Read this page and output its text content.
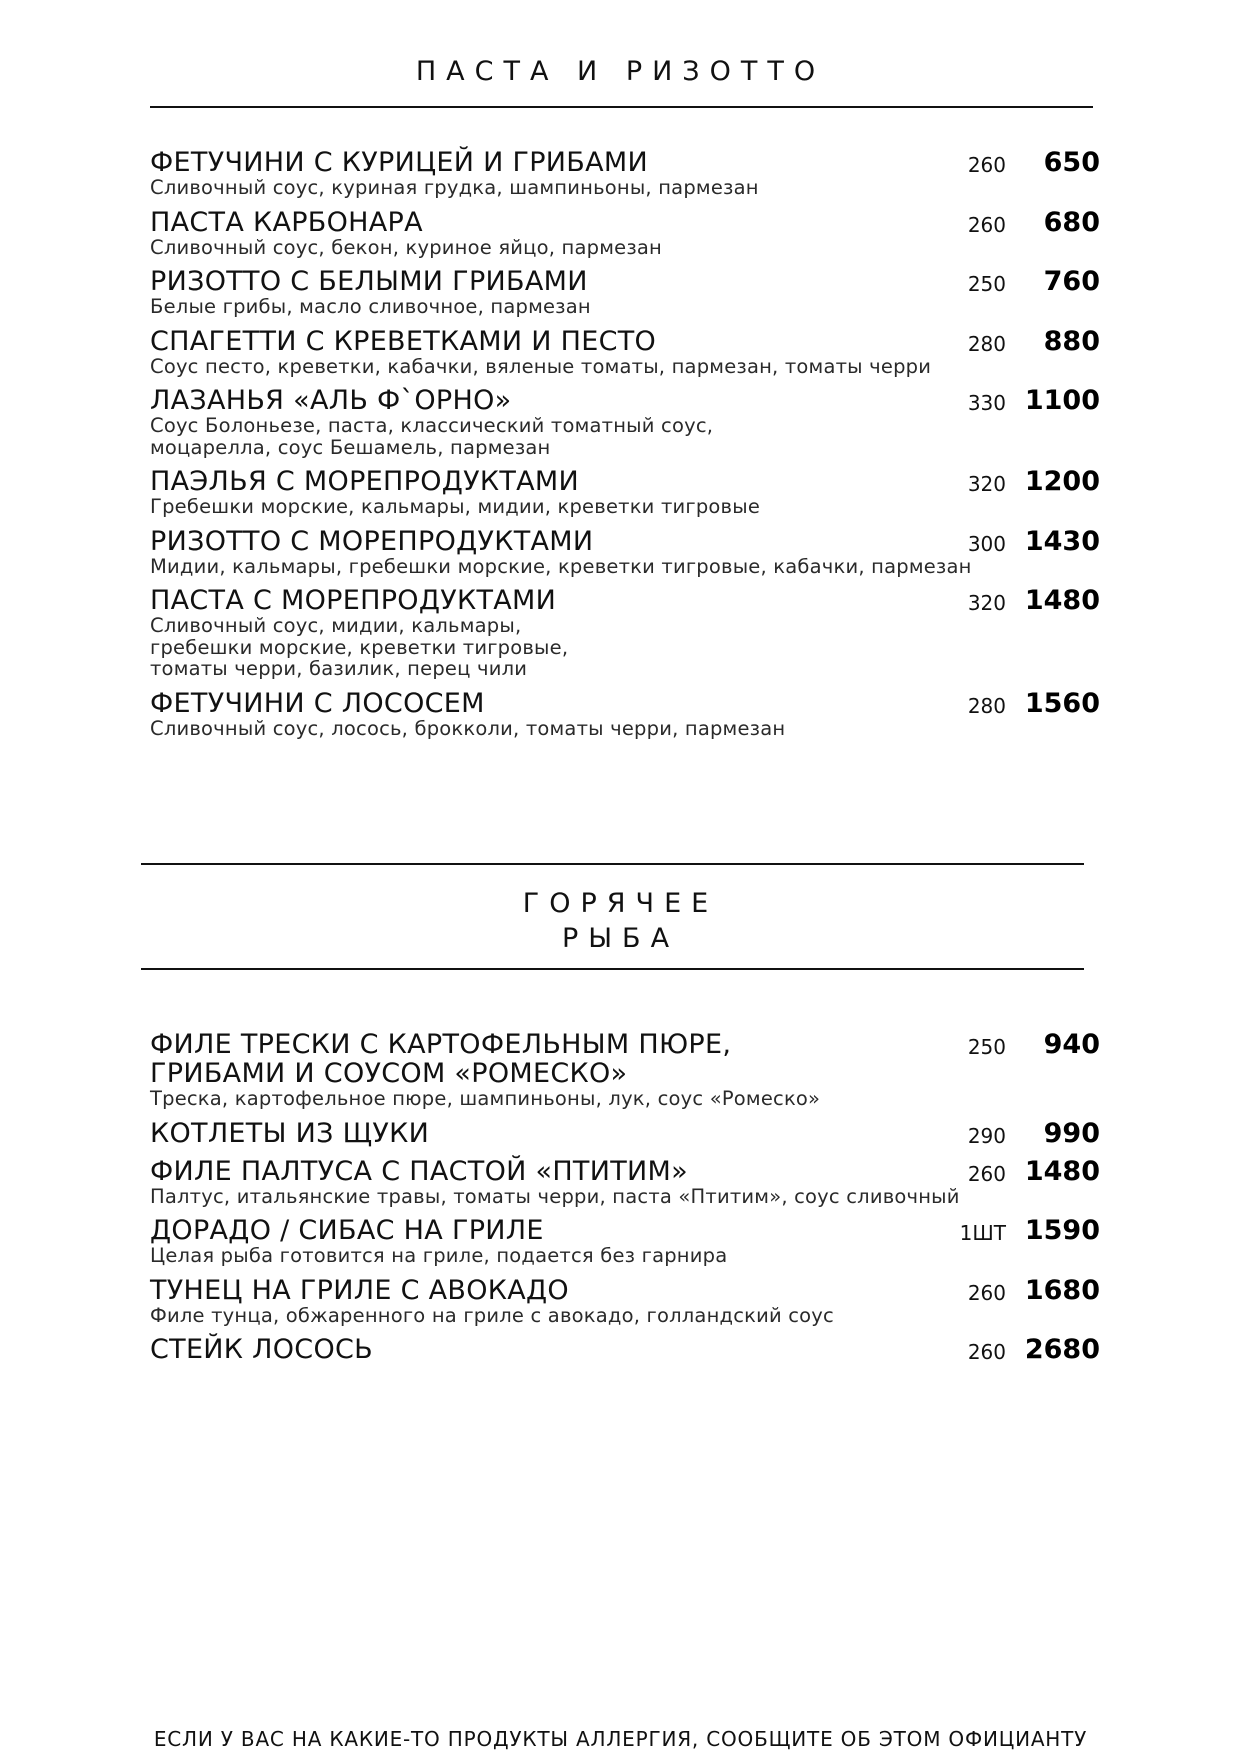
ПАСТА И РИЗОТТО
ФЕТУЧИНИ С КУРИЦЕЙ И ГРИБАМИ
Сливочный соус, куриная грудка, шампиньоны, пармезан
260	650
ПАСТА КАРБОНАРА
Сливочный соус, бекон, куриное яйцо, пармезан
260	680
РИЗОТТО С БЕЛЫМИ ГРИБАМИ
Белые грибы, масло сливочное, пармезан
250	760
СПАГЕТТИ С КРЕВЕТКАМИ И ПЕСТО
Соус песто, креветки, кабачки, вяленые томаты, пармезан, томаты черри
280	880
ЛАЗАНЬЯ «АЛЬ Ф`ОРНО»
Соус Болоньезе, паста, классический томатный соус,
моцарелла, соус Бешамель, пармезан
330 1100
ПАЭЛЬЯ С МОРЕПРОДУКТАМИ
Гребешки морские, кальмары, мидии, креветки тигровые
320 1200
РИЗОТТО С МОРЕПРОДУКТАМИ
Мидии, кальмары, гребешки морские, креветки тигровые, кабачки, пармезан
300 1430
ПАСТА С МОРЕПРОДУКТАМИ
Сливочный соус, мидии, кальмары,
гребешки морские, креветки тигровые,
томаты черри, базилик, перец чили
320 1480
ФЕТУЧИНИ С ЛОСОСЕМ
Сливочный соус, лосось, брокколи, томаты черри, пармезан
280 1560
ГОРЯЧЕЕ
РЫБА
ФИЛЕ ТРЕСКИ С КАРТОФЕЛЬНЫМ ПЮРЕ,
ГРИБАМИ И СОУСОМ «РОМЕСКО»
Треска, картофельное пюре, шампиньоны, лук, соус «Ромеско»
250	940
КОТЛЕТЫ ИЗ ЩУКИ	290	990
ФИЛЕ ПАЛТУСА С ПАСТОЙ «ПТИТИМ»
Палтус, итальянские травы, томаты черри, паста «Птитим», соус сливочный
260 1480
ДОРАДО / СИБАС НА ГРИЛЕ
Целая рыба готовится на гриле, подается без гарнира
1ШТ 1590
ТУНЕЦ НА ГРИЛЕ С АВОКАДО
Филе тунца, обжаренного на гриле с авокадо, голландский соус
260 1680
СТЕЙК ЛОСОСЬ	260 2680
ЕСЛИ У ВАС НА КАКИЕ-ТО ПРОДУКТЫ АЛЛЕРГИЯ, СООБЩИТЕ ОБ ЭТОМ ОФИЦИАНТУ
